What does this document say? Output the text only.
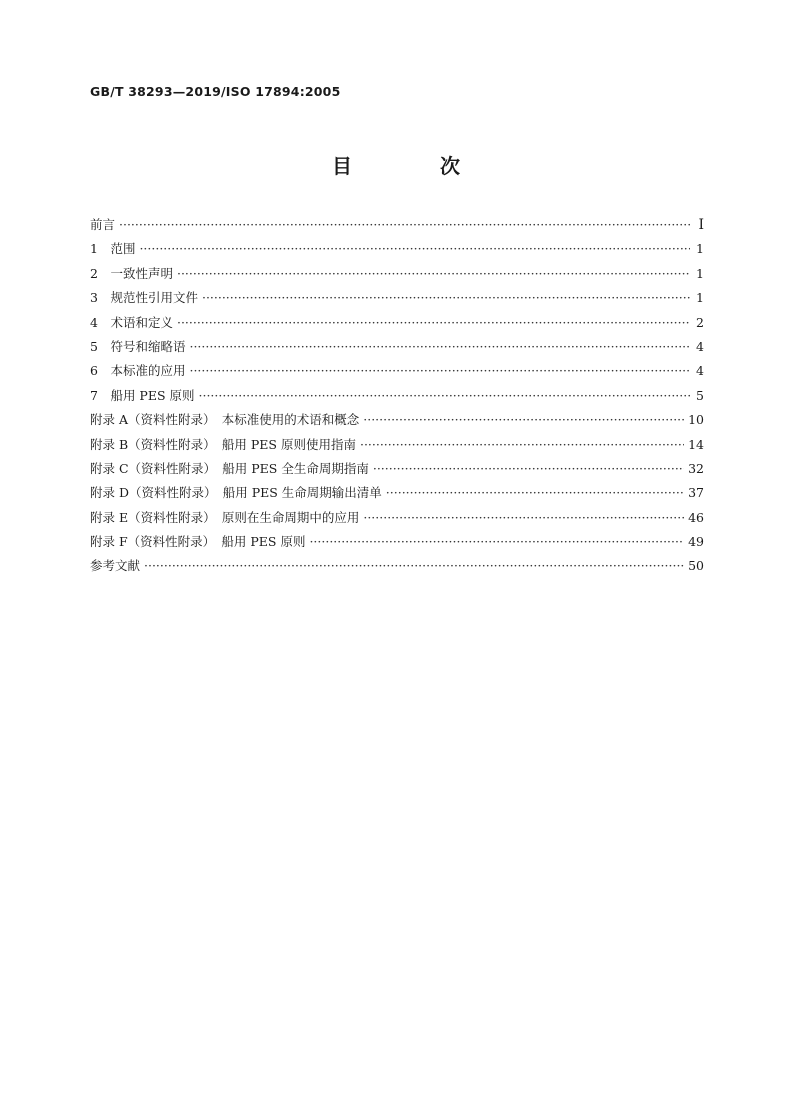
GB/T 38293—2019/ISO 17894:2005
目　次
前言 ·····	Ⅰ
1　范围 ·····	1
2　一致性声明 ·····	1
3　规范性引用文件 ·····	1
4　术语和定义 ·····	2
5　符号和缩略语 ·····	4
6　本标准的应用 ·····	4
7　船用 PES 原则 ·····	5
附录 A（资料性附录）　本标准使用的术语和概念 ·····	10
附录 B（资料性附录）　船用 PES 原则使用指南 ·····	14
附录 C（资料性附录）　船用 PES 全生命周期指南 ·····	32
附录 D（资料性附录）　船用 PES 生命周期输出清单 ·····	37
附录 E（资料性附录）　原则在生命周期中的应用 ·····	46
附录 F（资料性附录）　船用 PES 原则 ·····	49
参考文献 ·····	50
